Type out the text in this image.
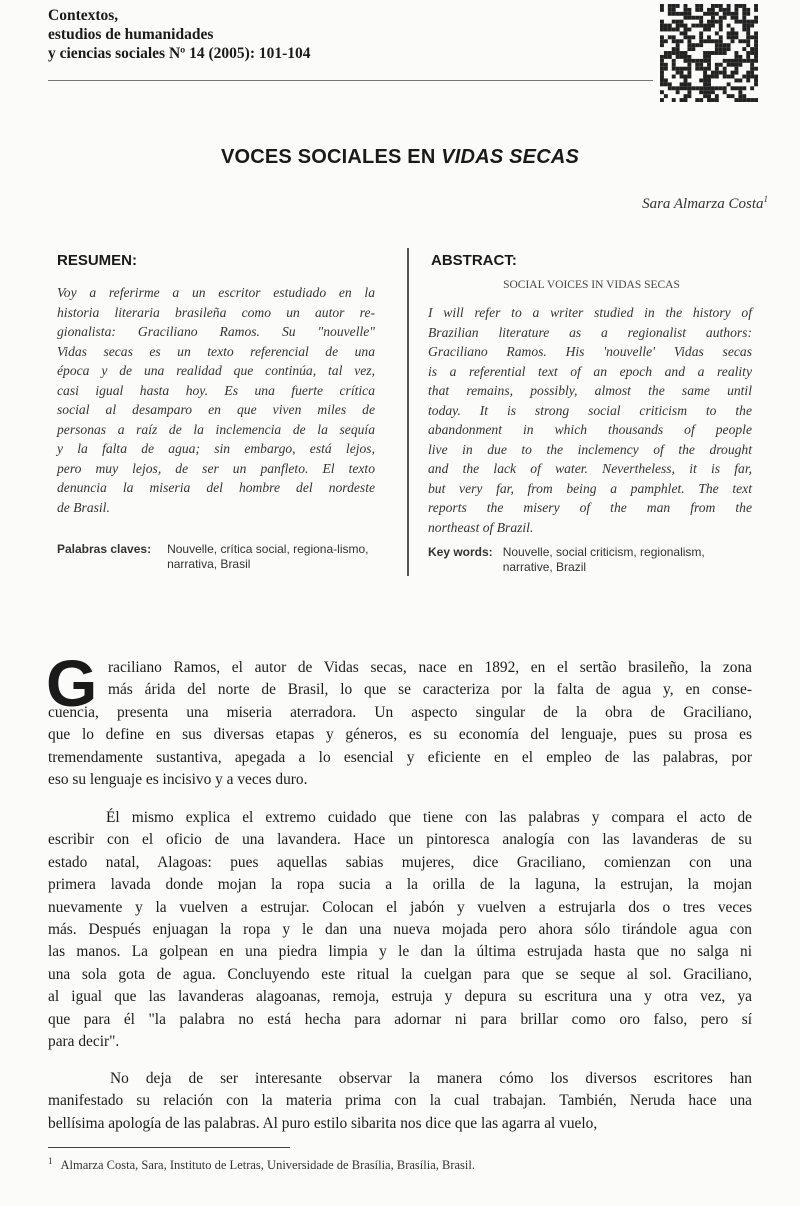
Contextos,
estudios de humanidades
y ciencias sociales Nº 14 (2005): 101-104
VOCES SOCIALES EN VIDAS SECAS
Sara Almarza Costa$^1$
RESUMEN:
Voy a referirme a un escritor estudiado en la
historia literaria brasileña como un autor re-
gionalista: Graciliano Ramos. Su "nouvelle"
Vidas secas es un texto referencial de una
época y de una realidad que continúa, tal vez,
casi igual hasta hoy. Es una fuerte crítica
social al desamparo en que viven miles de
personas a raíz de la inclemencia de la sequía
y la falta de agua; sin embargo, está lejos,
pero muy lejos, de ser un panfleto. El texto
denuncia la miseria del hombre del nordeste
de Brasil.
Palabras claves:	Nouvelle, crítica social, regiona-lismo, narrativa, Brasil
ABSTRACT:
SOCIAL VOICES IN VIDAS SECAS
I will refer to a writer studied in the history of
Brazilian literature as a regionalist authors:
Graciliano Ramos. His 'nouvelle' Vidas secas
is a referential text of an epoch and a reality
that remains, possibly, almost the same until
today. It is strong social criticism to the
abandonment in which thousands of people
live in due to the inclemency of the drought
and the lack of water. Nevertheless, it is far,
but very far, from being a pamphlet. The text
reports the misery of the man from the
northeast of Brazil.
Key words: Nouvelle, social criticism, regionalism, narrative, Brazil
G raciliano Ramos, el autor de Vidas secas, nace en 1892, en el sertão brasileño, la zona
más árida del norte de Brasil, lo que se caracteriza por la falta de agua y, en conse-
cuencia, presenta una miseria aterradora. Un aspecto singular de la obra de Graciliano,
que lo define en sus diversas etapas y géneros, es su economía del lenguaje, pues su prosa es
tremendamente sustantiva, apegada a lo esencial y eficiente en el empleo de las palabras, por
eso su lenguaje es incisivo y a veces duro.
Él mismo explica el extremo cuidado que tiene con las palabras y compara el acto de
escribir con el oficio de una lavandera. Hace un pintoresca analogía con las lavanderas de su
estado natal, Alagoas: pues aquellas sabias mujeres, dice Graciliano, comienzan con una
primera lavada donde mojan la ropa sucia a la orilla de la laguna, la estrujan, la mojan
nuevamente y la vuelven a estrujar. Colocan el jabón y vuelven a estrujarla dos o tres veces
más. Después enjuagan la ropa y le dan una nueva mojada pero ahora sólo tirándole agua con
las manos. La golpean en una piedra limpia y le dan la última estrujada hasta que no salga ni
una sola gota de agua. Concluyendo este ritual la cuelgan para que se seque al sol. Graciliano,
al igual que las lavanderas alagoanas, remoja, estruja y depura su escritura una y otra vez, ya
que para él "la palabra no está hecha para adornar ni para brillar como oro falso, pero sí
para decir".
No deja de ser interesante observar la manera cómo los diversos escritores han
manifestado su relación con la materia prima con la cual trabajan. También, Neruda hace una
bellísima apología de las palabras. Al puro estilo sibarita nos dice que las agarra al vuelo,
$^1$ Almarza Costa, Sara, Instituto de Letras, Universidade de Brasília, Brasília, Brasil.
